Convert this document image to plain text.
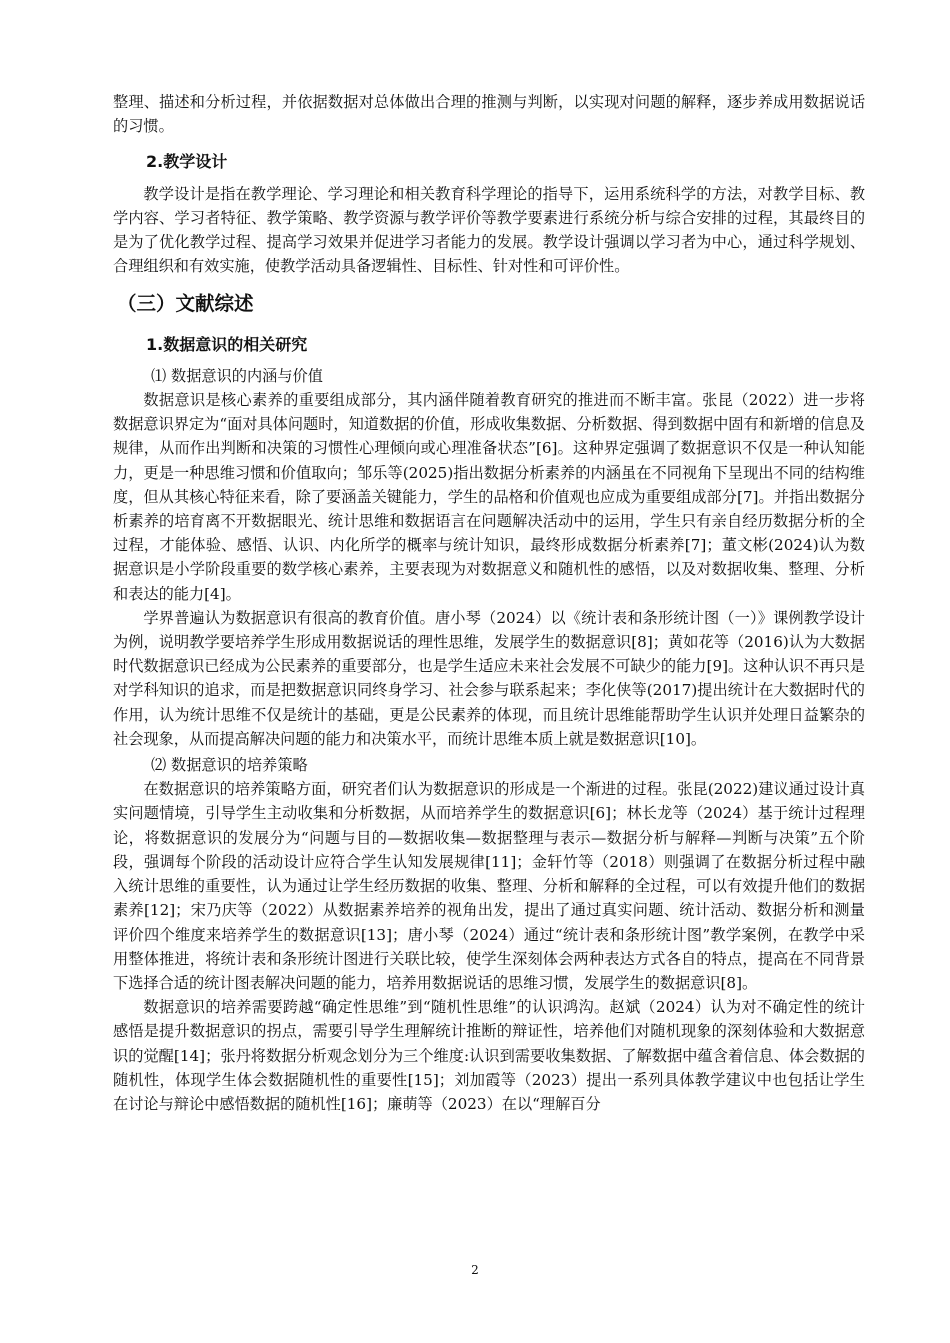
整理、描述和分析过程，并依据数据对总体做出合理的推测与判断，以实现对问题的解释，逐步养成用数据说话的习惯。

2.教学设计

教学设计是指在教学理论、学习理论和相关教育科学理论的指导下，运用系统科学的方法，对教学目标、教学内容、学习者特征、教学策略、教学资源与教学评价等教学要素进行系统分析与综合安排的过程，其最终目的是为了优化教学过程、提高学习效果并促进学习者能力的发展。教学设计强调以学习者为中心，通过科学规划、合理组织和有效实施，使教学活动具备逻辑性、目标性、针对性和可评价性。

（三）文献综述
1.数据意识的相关研究

⑴ 数据意识的内涵与价值

数据意识是核心素养的重要组成部分，其内涵伴随着教育研究的推进而不断丰富。张昆（2022）进一步将数据意识界定为“面对具体问题时，知道数据的价值，形成收集数据、分析数据、得到数据中固有和新增的信息及规律，从而作出判断和决策的习惯性心理倾向或心理准备状态”[6]。这种界定强调了数据意识不仅是一种认知能力，更是一种思维习惯和价值取向；邹乐等(2025)指出数据分析素养的内涵虽在不同视角下呈现出不同的结构维度，但从其核心特征来看，除了要涵盖关键能力，学生的品格和价值观也应成为重要组成部分[7]。并指出数据分析素养的培育离不开数据眼光、统计思维和数据语言在问题解决活动中的运用，学生只有亲自经历数据分析的全过程，才能体验、感悟、认识、内化所学的概率与统计知识，最终形成数据分析素养[7]；董文彬(2024)认为数据意识是小学阶段重要的数学核心素养，主要表现为对数据意义和随机性的感悟，以及对数据收集、整理、分析和表达的能力[4]。

学界普遍认为数据意识有很高的教育价值。唐小琴（2024）以《统计表和条形统计图（一）》课例教学设计为例，说明教学要培养学生形成用数据说话的理性思维，发展学生的数据意识[8]；黄如花等（2016)认为大数据时代数据意识已经成为公民素养的重要部分，也是学生适应未来社会发展不可缺少的能力[9]。这种认识不再只是对学科知识的追求，而是把数据意识同终身学习、社会参与联系起来；李化侠等(2017)提出统计在大数据时代的作用，认为统计思维不仅是统计的基础，更是公民素养的体现，而且统计思维能帮助学生认识并处理日益繁杂的社会现象，从而提高解决问题的能力和决策水平，而统计思维本质上就是数据意识[10]。

⑵ 数据意识的培养策略

在数据意识的培养策略方面，研究者们认为数据意识的形成是一个渐进的过程。张昆(2022)建议通过设计真实问题情境，引导学生主动收集和分析数据，从而培养学生的数据意识[6]；林长龙等（2024）基于统计过程理论，将数据意识的发展分为“问题与目的—数据收集—数据整理与表示—数据分析与解释—判断与决策”五个阶段，强调每个阶段的活动设计应符合学生认知发展规律[11]；金轩竹等（2018）则强调了在数据分析过程中融入统计思维的重要性，认为通过让学生经历数据的收集、整理、分析和解释的全过程，可以有效提升他们的数据素养[12]；宋乃庆等（2022）从数据素养培养的视角出发，提出了通过真实问题、统计活动、数据分析和测量评价四个维度来培养学生的数据意识[13]；唐小琴（2024）通过“统计表和条形统计图”教学案例，在教学中采用整体推进，将统计表和条形统计图进行关联比较，使学生深刻体会两种表达方式各自的特点，提高在不同背景下选择合适的统计图表解决问题的能力，培养用数据说话的思维习惯，发展学生的数据意识[8]。

数据意识的培养需要跨越“确定性思维”到“随机性思维”的认识鸿沟。赵斌（2024）认为对不确定性的统计感悟是提升数据意识的拐点，需要引导学生理解统计推断的辩证性，培养他们对随机现象的深刻体验和大数据意识的觉醒[14]；张丹将数据分析观念划分为三个维度:认识到需要收集数据、了解数据中蕴含着信息、体会数据的随机性，体现学生体会数据随机性的重要性[15]；刘加霞等（2023）提出一系列具体教学建议中也包括让学生在讨论与辩论中感悟数据的随机性[16]；廉萌等（2023）在以“理解百分

2
